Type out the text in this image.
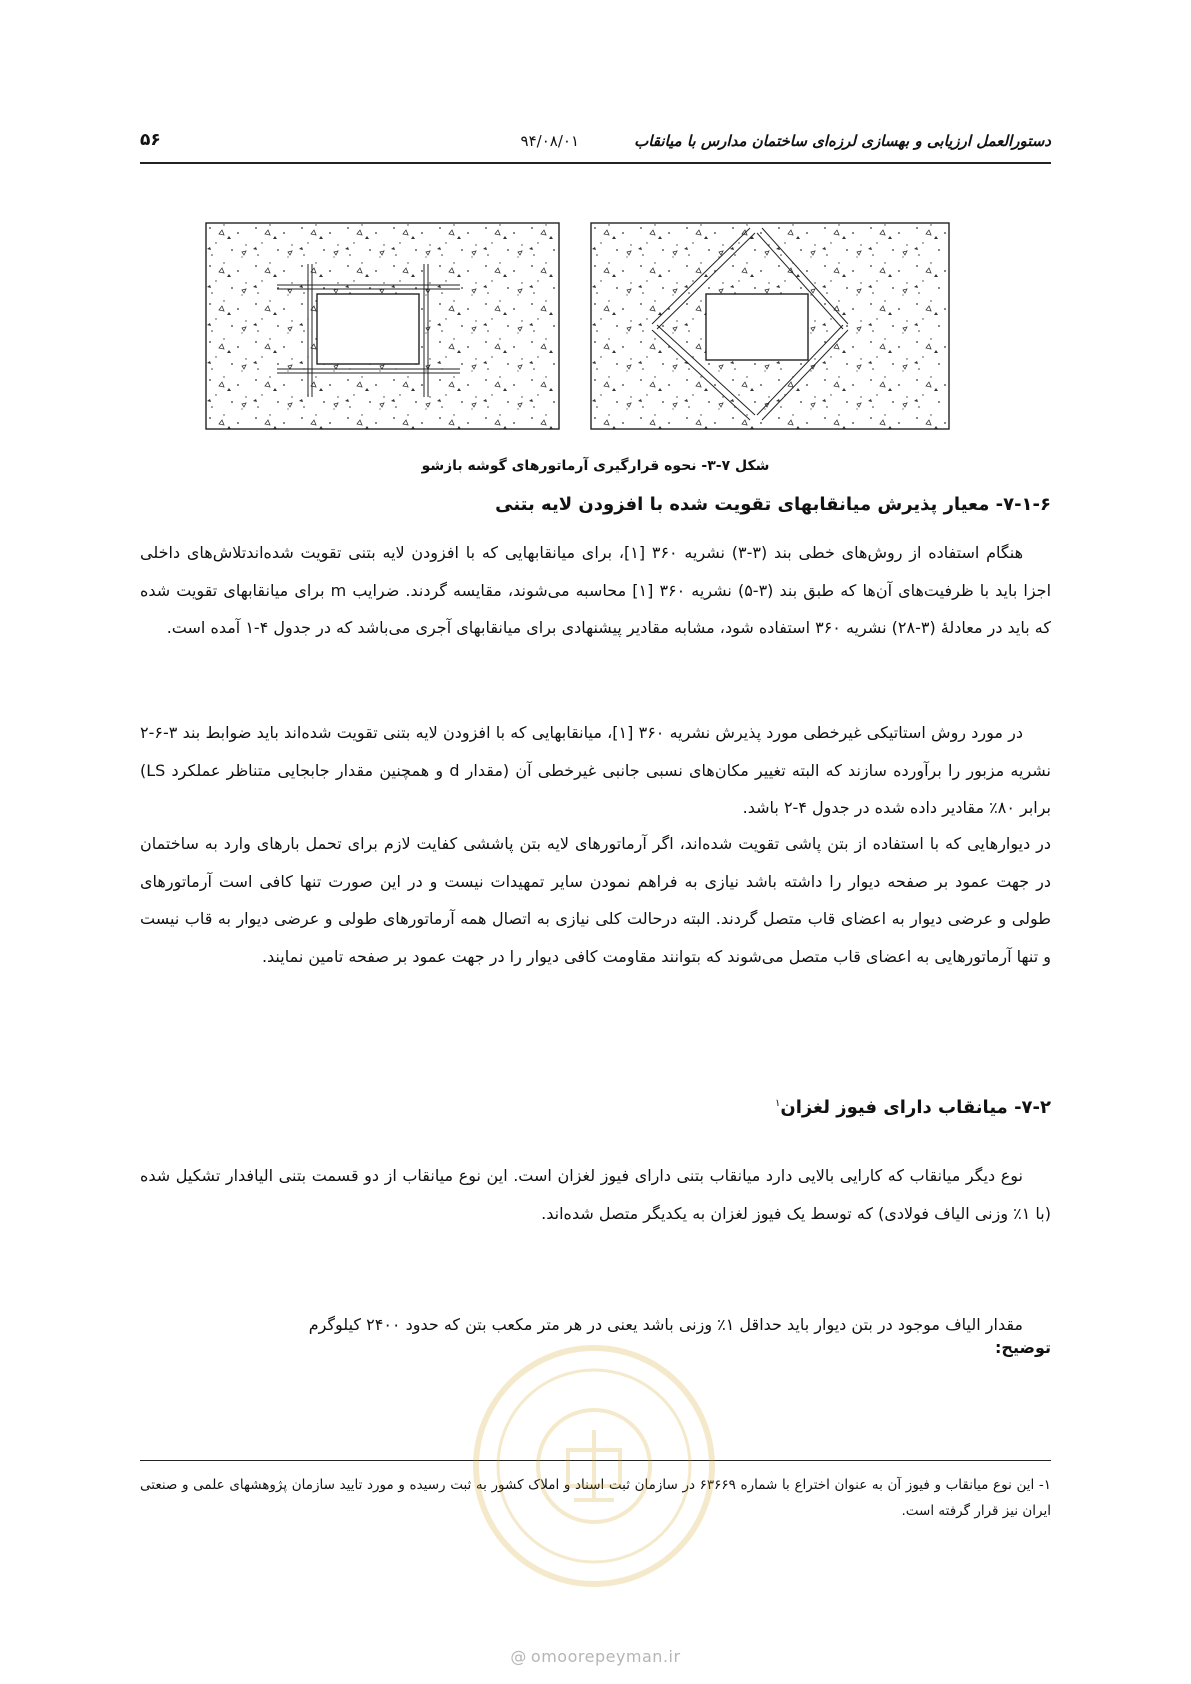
دستورالعمل ارزیابی و بهسازی لرزه‌ای ساختمان مدارس با میانقاب
۹۴/۰۸/۰۱
۵۶
شکل ۷-۳- نحوه قرارگیری آرماتورهای گوشه بازشو
۷-۱-۶- معیار پذیرش میانقابهای تقویت شده با افزودن لایه بتنی

هنگام استفاده از روش‌های خطی بند (۳-۳) نشریه ۳۶۰ [۱]، برای میانقابهایی که با افزودن لایه بتنی تقویت شده‌اندتلاش‌های داخلی اجزا باید با ظرفیت‌های آن‌ها که طبق بند (۳-۵) نشریه ۳۶۰ [۱] محاسبه می‌شوند، مقایسه گردند. ضرایب m برای میانقابهای تقویت شده که باید در معادلهٔ (۳-۲۸) نشریه ۳۶۰ استفاده شود، مشابه مقادیر پیشنهادی برای میانقابهای آجری می‌باشد که در جدول ۴-۱ آمده است.

در مورد روش استاتیکی غیرخطی مورد پذیرش نشریه ۳۶۰ [۱]، میانقابهایی که با افزودن لایه بتنی تقویت شده‌اند باید ضوابط بند ۳-۶-۲ نشریه مزبور را برآورده سازند که البته تغییر مکان‌های نسبی جانبی غیرخطی آن (مقدار d و همچنین مقدار جابجایی متناظر عملکرد LS) برابر ۸۰٪ مقادیر داده شده در جدول ۴-۲ باشد.

در دیوارهایی که با استفاده از بتن پاشی تقویت شده‌اند، اگر آرماتورهای لایه بتن پاششی کفایت لازم برای تحمل بارهای وارد به ساختمان در جهت عمود بر صفحه دیوار را داشته باشد نیازی به فراهم نمودن سایر تمهیدات نیست و در این صورت تنها کافی است آرماتورهای طولی و عرضی دیوار به اعضای قاب متصل گردند. البته درحالت کلی نیازی به اتصال همه آرماتورهای طولی و عرضی دیوار به قاب نیست و تنها آرماتورهایی به اعضای قاب متصل می‌شوند که بتوانند مقاومت کافی دیوار را در جهت عمود بر صفحه تامین نمایند.

۷-۲- میانقاب دارای فیوز لغزان$^۱$

نوع دیگر میانقاب که کارایی بالایی دارد میانقاب بتنی دارای فیوز لغزان است. این نوع میانقاب از دو قسمت بتنی الیافدار تشکیل شده (با ۱٪ وزنی الیاف فولادی) که توسط یک فیوز لغزان به یکدیگر متصل شده‌اند.

توضیح:

مقدار الیاف موجود در بتن دیوار باید حداقل ۱٪ وزنی باشد یعنی در هر متر مکعب بتن که حدود ۲۴۰۰ کیلوگرم

۱- این نوع میانقاب و فیوز آن به عنوان اختراع با شماره ۶۳۶۶۹ در سازمان ثبت اسناد و املاک کشور به ثبت رسیده و مورد تایید سازمان پژوهشهای علمی و صنعتی ایران نیز قرار گرفته است.
@ omoorepeyman.ir
